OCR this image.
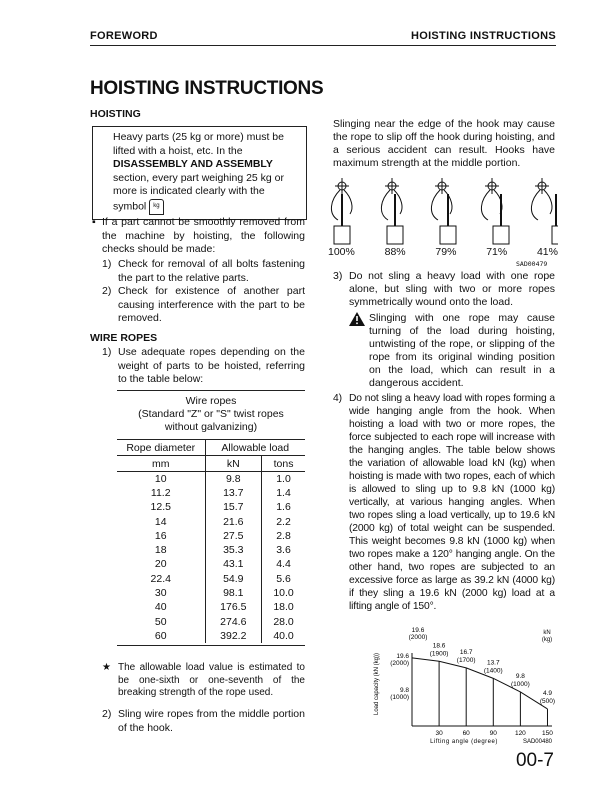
FOREWORD	HOISTING INSTRUCTIONS
HOISTING INSTRUCTIONS
HOISTING
Heavy parts (25 kg or more) must be lifted with a hoist, etc. In the DISASSEMBLY AND ASSEMBLY section, every part weighing 25 kg or more is indicated clearly with the symbol kg
▪ If a part cannot be smoothly removed from the machine by hoisting, the following checks should be made:
1) Check for removal of all bolts fastening the part to the relative parts.
2) Check for existence of another part causing interference with the part to be removed.
WIRE ROPES
1) Use adequate ropes depending on the weight of parts to be hoisted, referring to the table below:
Wire ropes
(Standard "Z" or "S" twist ropes
without galvanizing)
Rope diameter	Allowable load	
mm	kN	tons
10	9.8	1.0
11.2	13.7	1.4
12.5	15.7	1.6
14	21.6	2.2
16	27.5	2.8
18	35.3	3.6
20	43.1	4.4
22.4	54.9	5.6
30	98.1	10.0
40	176.5	18.0
50	274.6	28.0
60	392.2	40.0
★ The allowable load value is estimated to be one-sixth or one-seventh of the breaking strength of the rope used.
2) Sling wire ropes from the middle portion of the hook.
Slinging near the edge of the hook may cause the rope to slip off the hook during hoisting, and a serious accident can result. Hooks have maximum strength at the middle portion.
100%	88%	79%	71%	41%
SAD00479
3) Do not sling a heavy load with one rope alone, but sling with two or more ropes symmetrically wound onto the load.
Slinging with one rope may cause turning of the load during hoisting, untwisting of the rope, or slipping of the rope from its original winding position on the load, which can result in a dangerous accident.
4) Do not sling a heavy load with ropes forming a wide hanging angle from the hook. When hoisting a load with two or more ropes, the force subjected to each rope will increase with the hanging angles. The table below shows the variation of allowable load kN (kg) when hoisting is made with two ropes, each of which is allowed to sling up to 9.8 kN (1000 kg) vertically, at various hanging angles. When two ropes sling a load vertically, up to 19.6 kN (2000 kg) of total weight can be suspended. This weight becomes 9.8 kN (1000 kg) when two ropes make a 120° hanging angle. On the other hand, two ropes are subjected to an excessive force as large as 39.2 kN (4000 kg) if they sling a 19.6 kN (2000 kg) load at a lifting angle of 150°.
19.6
(2000)
18.6
(1900) 16.7
(1700) 13.7
(1400)
9.8
(1000)
4.9
(500)
30	60	90	120 150
19.6
(2000)
9.8
(1000)
Lifting angle (degree)
Load capacity (kN (kg))
SAD00480
kN
(kg)
00-7
